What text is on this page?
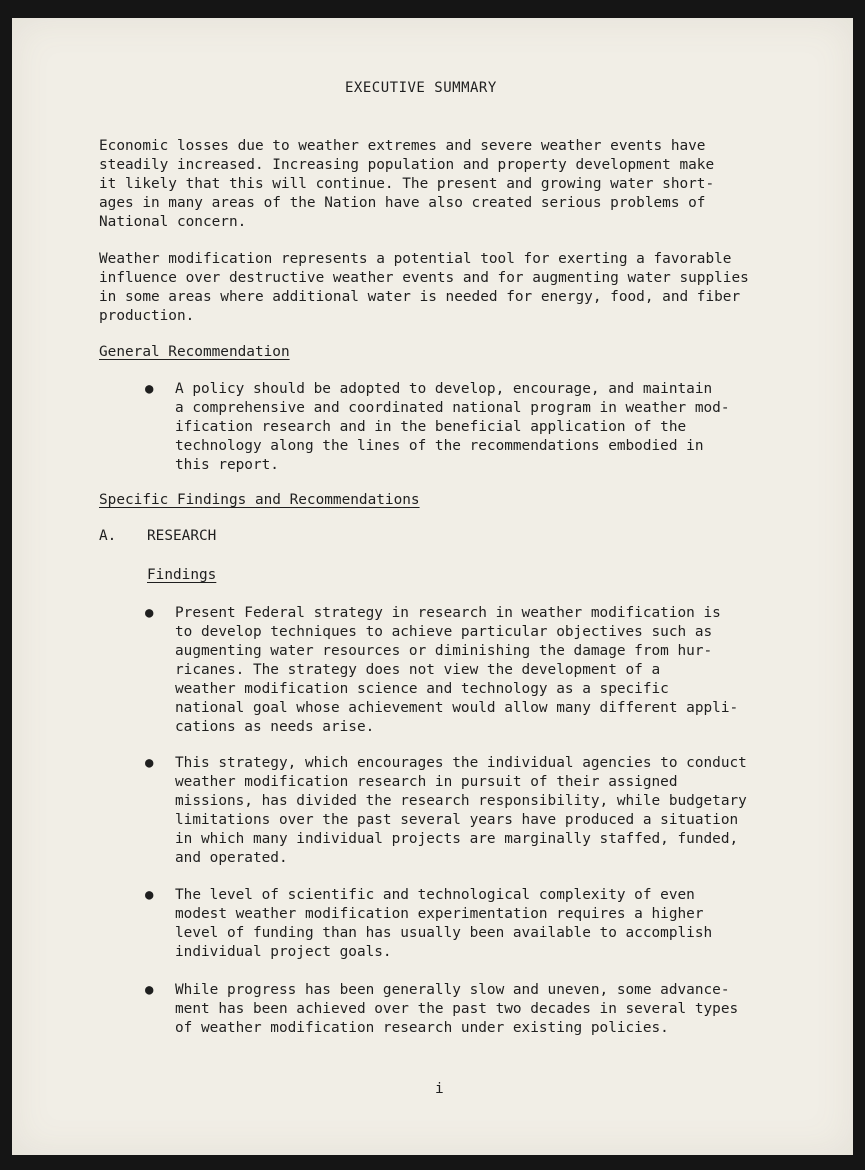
EXECUTIVE SUMMARY
Economic losses due to weather extremes and severe weather events have
steadily increased. Increasing population and property development make
it likely that this will continue. The present and growing water short-
ages in many areas of the Nation have also created serious problems of
National concern.
Weather modification represents a potential tool for exerting a favorable
influence over destructive weather events and for augmenting water supplies
in some areas where additional water is needed for energy, food, and fiber
production.
General Recommendation
● A policy should be adopted to develop, encourage, and maintain
a comprehensive and coordinated national program in weather mod-
ification research and in the beneficial application of the
technology along the lines of the recommendations embodied in
this report.
Specific Findings and Recommendations
A. RESEARCH
Findings
● Present Federal strategy in research in weather modification is
to develop techniques to achieve particular objectives such as
augmenting water resources or diminishing the damage from hur-
ricanes. The strategy does not view the development of a
weather modification science and technology as a specific
national goal whose achievement would allow many different appli-
cations as needs arise.
● This strategy, which encourages the individual agencies to conduct
weather modification research in pursuit of their assigned
missions, has divided the research responsibility, while budgetary
limitations over the past several years have produced a situation
in which many individual projects are marginally staffed, funded,
and operated.
● The level of scientific and technological complexity of even
modest weather modification experimentation requires a higher
level of funding than has usually been available to accomplish
individual project goals.
● While progress has been generally slow and uneven, some advance-
ment has been achieved over the past two decades in several types
of weather modification research under existing policies.
i
